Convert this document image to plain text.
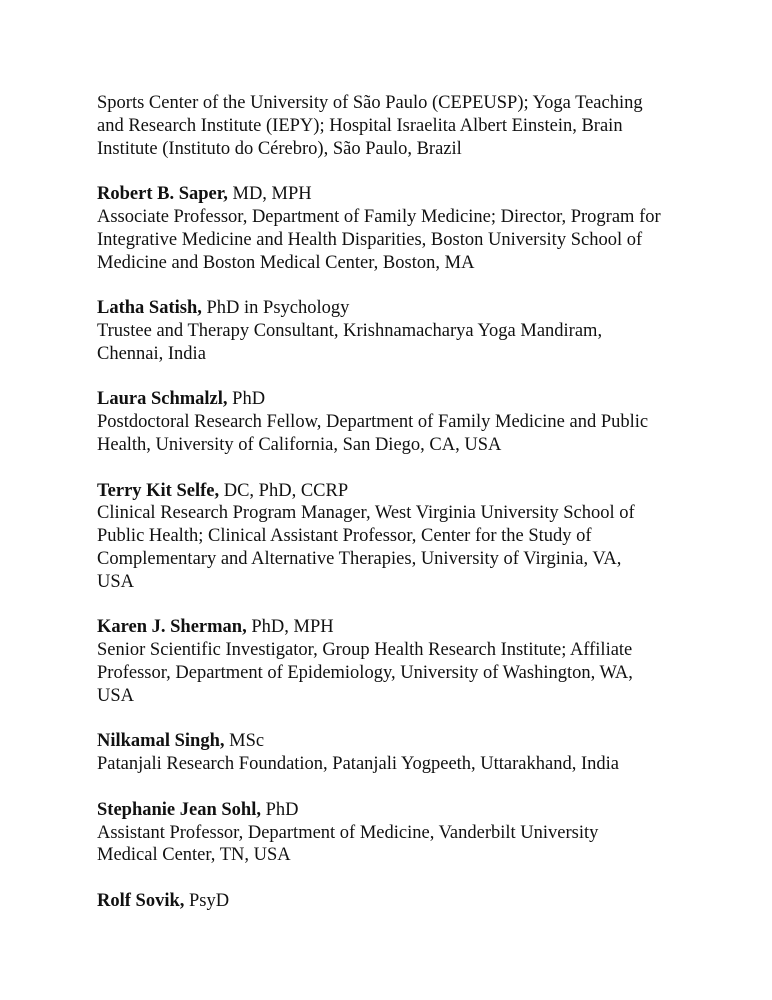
Sports Center of the University of São Paulo (CEPEUSP); Yoga Teaching
and Research Institute (IEPY); Hospital Israelita Albert Einstein, Brain
Institute (Instituto do Cérebro), São Paulo, Brazil
Robert B. Saper, MD, MPH
Associate Professor, Department of Family Medicine; Director, Program for
Integrative Medicine and Health Disparities, Boston University School of
Medicine and Boston Medical Center, Boston, MA
Latha Satish, PhD in Psychology
Trustee and Therapy Consultant, Krishnamacharya Yoga Mandiram,
Chennai, India
Laura Schmalzl, PhD
Postdoctoral Research Fellow, Department of Family Medicine and Public
Health, University of California, San Diego, CA, USA
Terry Kit Selfe, DC, PhD, CCRP
Clinical Research Program Manager, West Virginia University School of
Public Health; Clinical Assistant Professor, Center for the Study of
Complementary and Alternative Therapies, University of Virginia, VA,
USA
Karen J. Sherman, PhD, MPH
Senior Scientific Investigator, Group Health Research Institute; Affiliate
Professor, Department of Epidemiology, University of Washington, WA,
USA
Nilkamal Singh, MSc
Patanjali Research Foundation, Patanjali Yogpeeth, Uttarakhand, India
Stephanie Jean Sohl, PhD
Assistant Professor, Department of Medicine, Vanderbilt University
Medical Center, TN, USA
Rolf Sovik, PsyD
